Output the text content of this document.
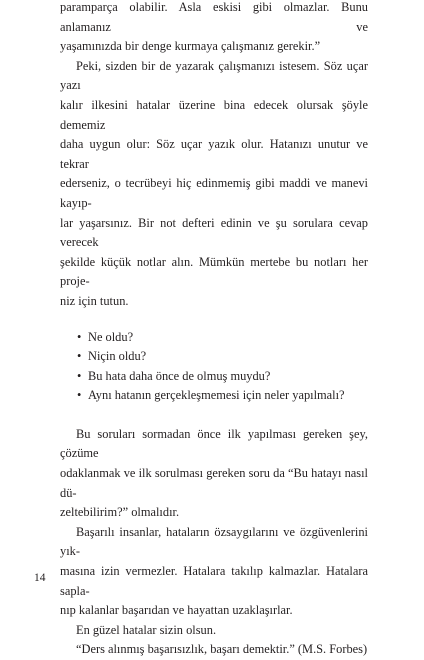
paramparça olabilir. Asla eskisi gibi olmazlar. Bunu anlamanız ve
yaşamınızda bir denge kurmaya çalışmanız gerekir.”
Peki, sizden bir de yazarak çalışmanızı istesem. Söz uçar yazı
kalır ilkesini hatalar üzerine bina edecek olursak şöyle dememiz
daha uygun olur: Söz uçar yazık olur. Hatanızı unutur ve tekrar
ederseniz, o tecrübeyi hiç edinmemiş gibi maddi ve manevi kayıp-
lar yaşarsınız. Bir not defteri edinin ve şu sorulara cevap verecek
şekilde küçük notlar alın. Mümkün mertebe bu notları her proje-
niz için tutun.
• Ne oldu?
• Niçin oldu?
• Bu hata daha önce de olmuş muydu?
• Aynı hatanın gerçekleşmemesi için neler yapılmalı?
Bu soruları sormadan önce ilk yapılması gereken şey, çözüme
odaklanmak ve ilk sorulması gereken soru da “Bu hatayı nasıl dü-
zeltebilirim?” olmalıdır.
Başarılı insanlar, hataların özsaygılarını ve özgüvenlerini yık-
masına izin vermezler. Hatalara takılıp kalmazlar. Hatalara sapla-
nıp kalanlar başarıdan ve hayattan uzaklaşırlar.
En güzel hatalar sizin olsun.
“Ders alınmış başarısızlık, başarı demektir.” (M.S. Forbes)
14
